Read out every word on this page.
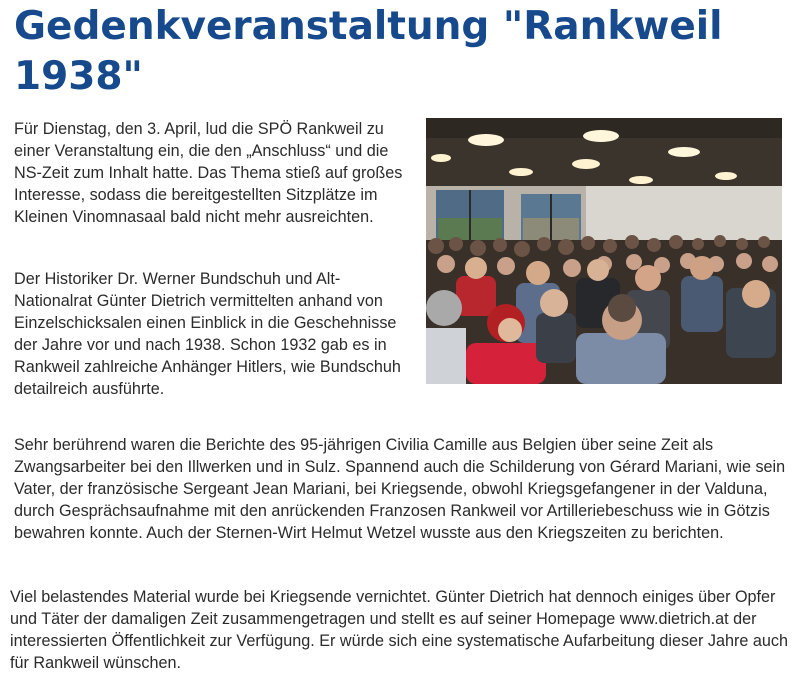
Gedenkveranstaltung "Rankweil 1938"

Für Dienstag, den 3. April, lud die SPÖ Rankweil zu einer Veranstaltung ein, die den „Anschluss“ und die NS-Zeit zum Inhalt hatte. Das Thema stieß auf großes Interesse, sodass die bereitgestellten Sitzplätze im Kleinen Vinomnasaal bald nicht mehr ausreichten.

Der Historiker Dr. Werner Bundschuh und Alt-Nationalrat Günter Dietrich vermittelten anhand von Einzelschicksalen einen Einblick in die Geschehnisse der Jahre vor und nach 1938. Schon 1932 gab es in Rankweil zahlreiche Anhänger Hitlers, wie Bundschuh detailreich ausführte.

Sehr berührend waren die Berichte des 95-jährigen Civilia Camille aus Belgien über seine Zeit als Zwangsarbeiter bei den Illwerken und in Sulz. Spannend auch die Schilderung von Gérard Mariani, wie sein Vater, der französische Sergeant Jean Mariani, bei Kriegsende, obwohl Kriegsgefangener in der Valduna, durch Gesprächsaufnahme mit den anrückenden Franzosen Rankweil vor Artilleriebeschuss wie in Götzis bewahren konnte. Auch der Sternen-Wirt Helmut Wetzel wusste aus den Kriegszeiten zu berichten.

Viel belastendes Material wurde bei Kriegsende vernichtet. Günter Dietrich hat dennoch einiges über Opfer und Täter der damaligen Zeit zusammengetragen und stellt es auf seiner Homepage www.dietrich.at der interessierten Öffentlichkeit zur Verfügung. Er würde sich eine systematische Aufarbeitung dieser Jahre auch für Rankweil wünschen.
